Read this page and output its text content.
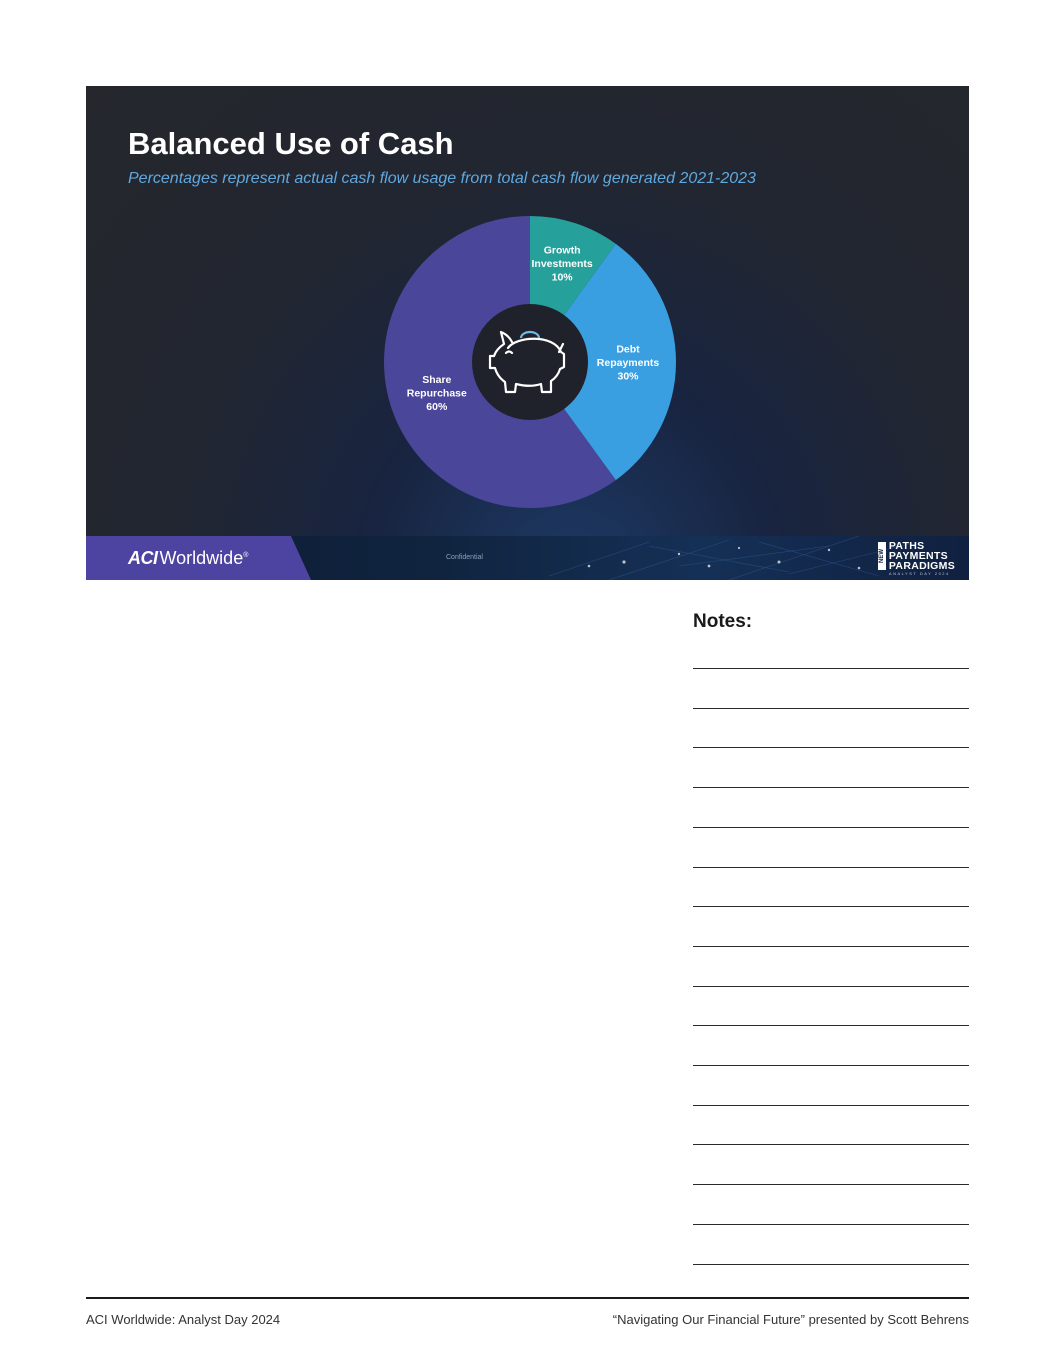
Balanced Use of Cash

Percentages represent actual cash flow usage from total cash flow generated 2021-2023

Growth Investments 10%
Debt Repayments 30%
Share Repurchase 60%
ACI Worldwide®	Confidential	NEW
PATHS
PAYMENTS
PARADIGMS
ANALYST DAY 2024
Notes:
ACI Worldwide: Analyst Day 2024	“Navigating Our Financial Future” presented by Scott Behrens
